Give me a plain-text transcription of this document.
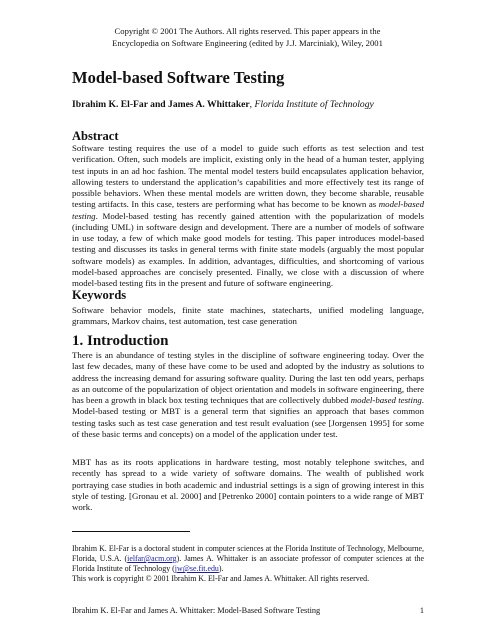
Copyright © 2001 The Authors. All rights reserved. This paper appears in the
Encyclopedia on Software Engineering (edited by J.J. Marciniak), Wiley, 2001
Model-based Software Testing
Ibrahim K. El-Far and James A. Whittaker, Florida Institute of Technology
Abstract

Software testing requires the use of a model to guide such efforts as test selection and test verification. Often, such models are implicit, existing only in the head of a human tester, applying test inputs in an ad hoc fashion. The mental model testers build encapsulates application behavior, allowing testers to understand the application’s capabilities and more effectively test its range of possible behaviors. When these mental models are written down, they become sharable, reusable testing artifacts. In this case, testers are performing what has become to be known as model-based testing. Model-based testing has recently gained attention with the popularization of models (including UML) in software design and development. There are a number of models of software in use today, a few of which make good models for testing. This paper introduces model-based testing and discusses its tasks in general terms with finite state models (arguably the most popular software models) as examples. In addition, advantages, difficulties, and shortcoming of various model-based approaches are concisely presented. Finally, we close with a discussion of where model-based testing fits in the present and future of software engineering.

Keywords

Software behavior models, finite state machines, statecharts, unified modeling language, grammars, Markov chains, test automation, test case generation

1. Introduction

There is an abundance of testing styles in the discipline of software engineering today. Over the last few decades, many of these have come to be used and adopted by the industry as solutions to address the increasing demand for assuring software quality. During the last ten odd years, perhaps as an outcome of the popularization of object orientation and models in software engineering, there has been a growth in black box testing techniques that are collectively dubbed model-based testing. Model-based testing or MBT is a general term that signifies an approach that bases common testing tasks such as test case generation and test result evaluation (see [Jorgensen 1995] for some of these basic terms and concepts) on a model of the application under test.

MBT has as its roots applications in hardware testing, most notably telephone switches, and recently has spread to a wide variety of software domains. The wealth of published work portraying case studies in both academic and industrial settings is a sign of growing interest in this style of testing. [Gronau et al. 2000] and [Petrenko 2000] contain pointers to a wide range of MBT work.

Ibrahim K. El-Far is a doctoral student in computer sciences at the Florida Institute of Technology, Melbourne, Florida, U.S.A. (ielfar@acm.org). James A. Whittaker is an associate professor of computer sciences at the Florida Institute of Technology (jw@se.fit.edu).

This work is copyright © 2001 Ibrahim K. El-Far and James A. Whittaker. All rights reserved.

Ibrahim K. El-Far and James A. Whittaker: Model-Based Software Testing	1
